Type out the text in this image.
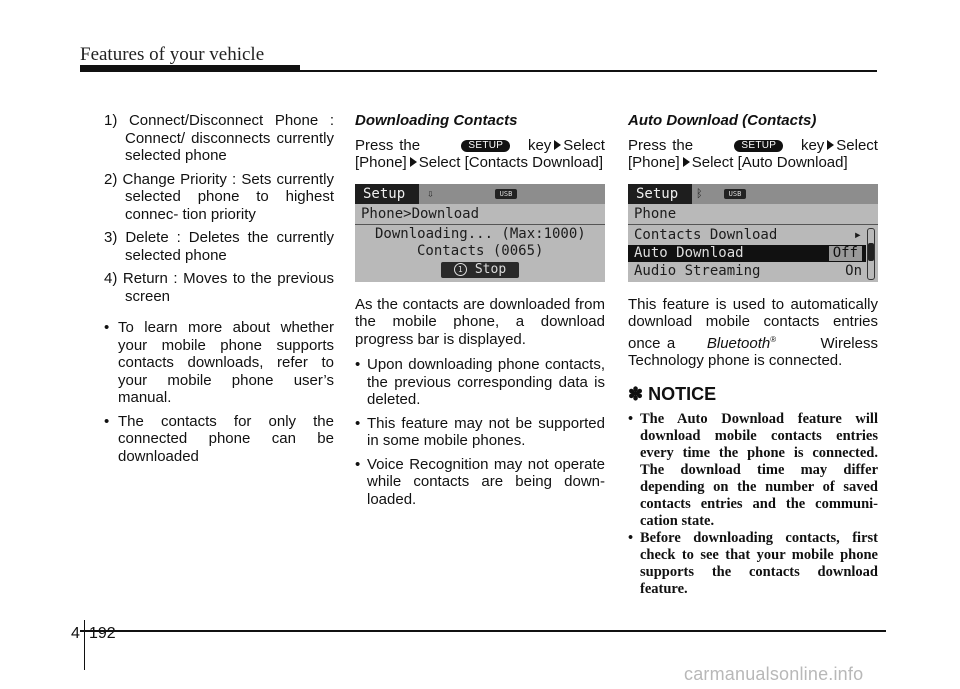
Features of your vehicle

1) Connect/Disconnect Phone : Connect/ disconnects currently selected phone

2) Change Priority : Sets currently selected phone to highest connec- tion priority

3) Delete : Deletes the currently selected phone

4) Return : Moves to the previous screen

• To learn more about whether your mobile phone supports contacts downloads, refer to your mobile phone user’s manual.

• The contacts for only the connected phone can be downloaded

Downloading Contacts

Press the	SETUP key Select [Phone] Select [Contacts Download]

Setup	⇩	USB
Phone>Download
Downloading... (Max:1000)
Contacts (0065)
1 Stop

As the contacts are downloaded from the mobile phone, a download progress bar is displayed.

• Upon downloading phone contacts, the previous corresponding data is deleted.

• This feature may not be supported in some mobile phones.

• Voice Recognition may not operate while contacts are being down- loaded.

Auto Download (Contacts)

Press the	SETUP key Select [Phone] Select [Auto Download]

Setup	ᛒ	USB
Phone
Contacts Download	▸
Auto Download	Off
Audio Streaming	On

This feature is used to automatically download mobile contacts entries once a Bluetooth®	Wireless Technology phone is connected.

✽ NOTICE

• The Auto Download feature will download mobile contacts entries every time the phone is connected. The download time may differ depending on the number of saved contacts entries and the communi- cation state.

• Before downloading contacts, first check to see that your mobile phone supports the contacts download feature.

4 192
carmanualsonline.info
